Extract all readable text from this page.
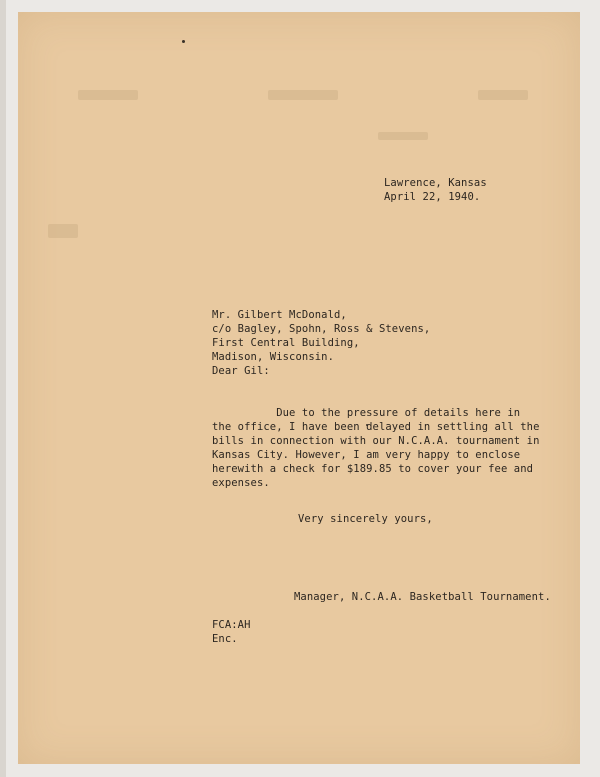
Lawrence, Kansas
April 22, 1940.
Mr. Gilbert McDonald,
c/o Bagley, Spohn, Ross & Stevens,
First Central Building,
Madison, Wisconsin.
Dear Gil:

Due to the pressure of details here in
the office, I have been delayed in settling all the
bills in connection with our N.C.A.A. tournament in
Kansas City. However, I am very happy to enclose
herewith a check for $189.85 to cover your fee and
expenses.
Very sincerely yours,
Manager, N.C.A.A. Basketball Tournament.

FCA:AH
Enc.
